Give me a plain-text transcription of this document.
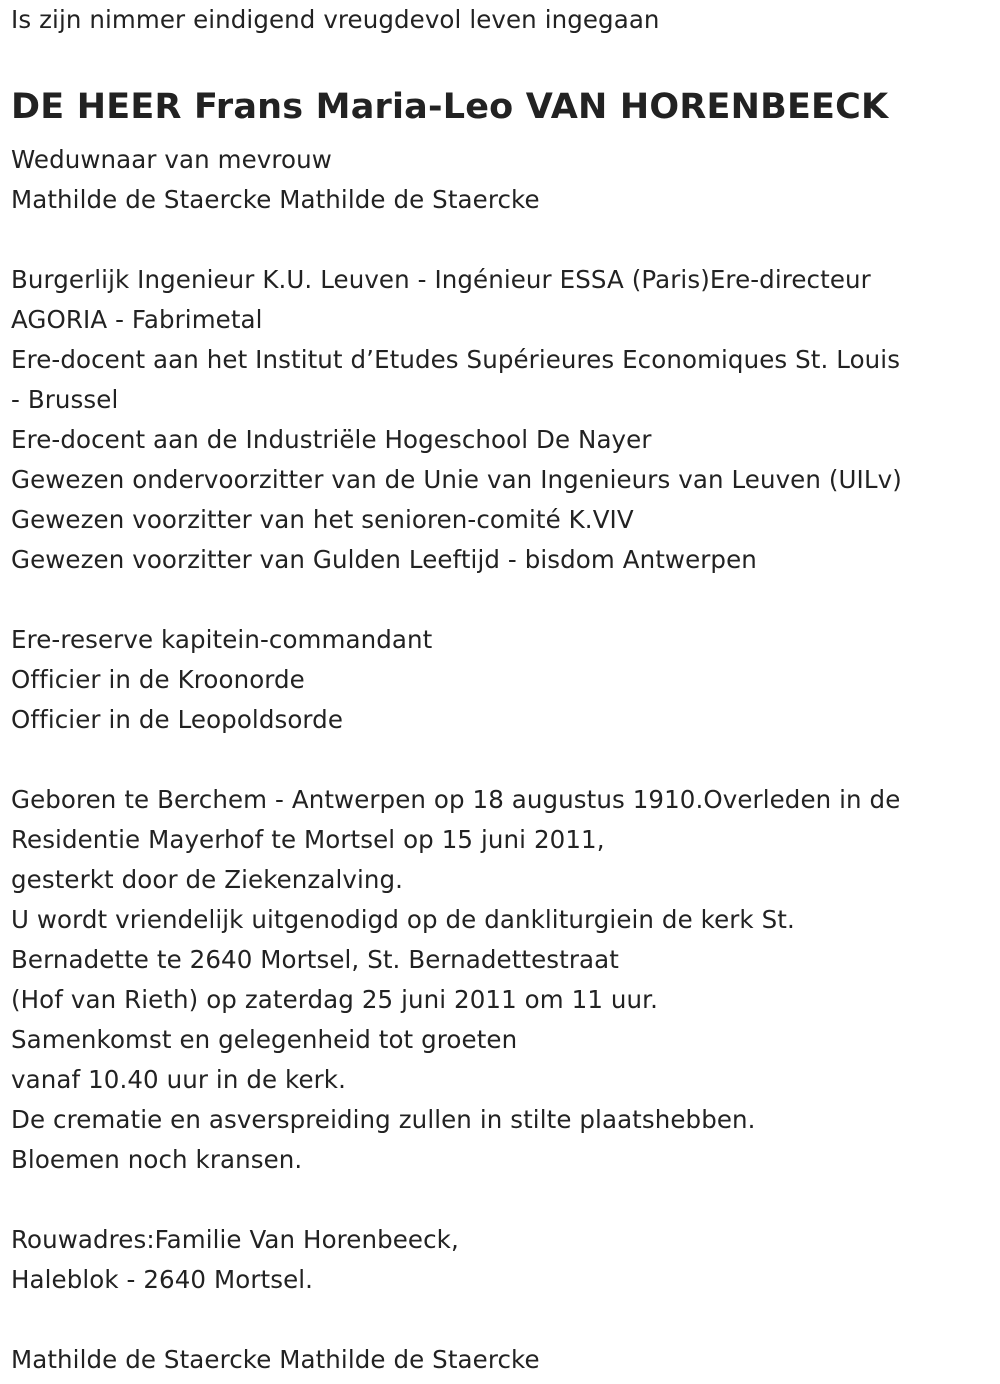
Is zijn nimmer eindigend vreugdevol leven ingegaan
DE HEER Frans Maria-Leo VAN HORENBEECK
Weduwnaar van mevrouw
Mathilde de Staercke Mathilde de Staercke
Burgerlijk Ingenieur K.U. Leuven - Ingénieur ESSA (Paris)Ere-directeur
AGORIA - Fabrimetal
Ere-docent aan het Institut d’Etudes Supérieures Economiques St. Louis
- Brussel
Ere-docent aan de Industriële Hogeschool De Nayer
Gewezen ondervoorzitter van de Unie van Ingenieurs van Leuven (UILv)
Gewezen voorzitter van het senioren-comité K.VIV
Gewezen voorzitter van Gulden Leeftijd - bisdom Antwerpen
Ere-reserve kapitein-commandant
Officier in de Kroonorde
Officier in de Leopoldsorde
Geboren te Berchem - Antwerpen op 18 augustus 1910.Overleden in de
Residentie Mayerhof te Mortsel op 15 juni 2011,
gesterkt door de Ziekenzalving.
U wordt vriendelijk uitgenodigd op de dankliturgiein de kerk St.
Bernadette te 2640 Mortsel, St. Bernadettestraat
(Hof van Rieth) op zaterdag 25 juni 2011 om 11 uur.
Samenkomst en gelegenheid tot groeten
vanaf 10.40 uur in de kerk.
De crematie en asverspreiding zullen in stilte plaatshebben.
Bloemen noch kransen.
Rouwadres:Familie Van Horenbeeck,
Haleblok - 2640 Mortsel.
Mathilde de Staercke Mathilde de Staercke
